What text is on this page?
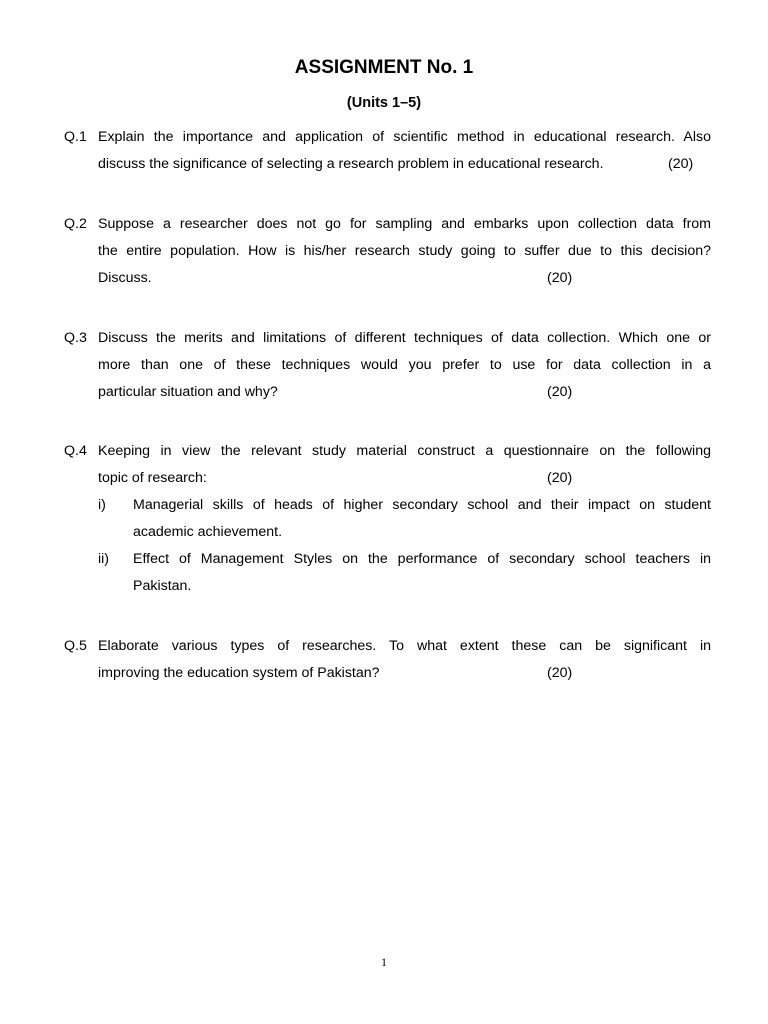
ASSIGNMENT No. 1
(Units 1–5)
Q.1 Explain the importance and application of scientific method in educational research. Also
discuss the significance of selecting a research problem in educational research.	(20)
Q.2 Suppose a researcher does not go for sampling and embarks upon collection data from
the entire population. How is his/her research study going to suffer due to this decision?
Discuss.	(20)
Q.3 Discuss the merits and limitations of different techniques of data collection. Which one or
more than one of these techniques would you prefer to use for data collection in a
particular situation and why?	(20)
Q.4 Keeping in view the relevant study material construct a questionnaire on the following
topic of research:	(20)
i) Managerial skills of heads of higher secondary school and their impact on student
academic achievement.
ii) Effect of Management Styles on the performance of secondary school teachers in
Pakistan.
Q.5 Elaborate various types of researches. To what extent these can be significant in
improving the education system of Pakistan?	(20)
1
